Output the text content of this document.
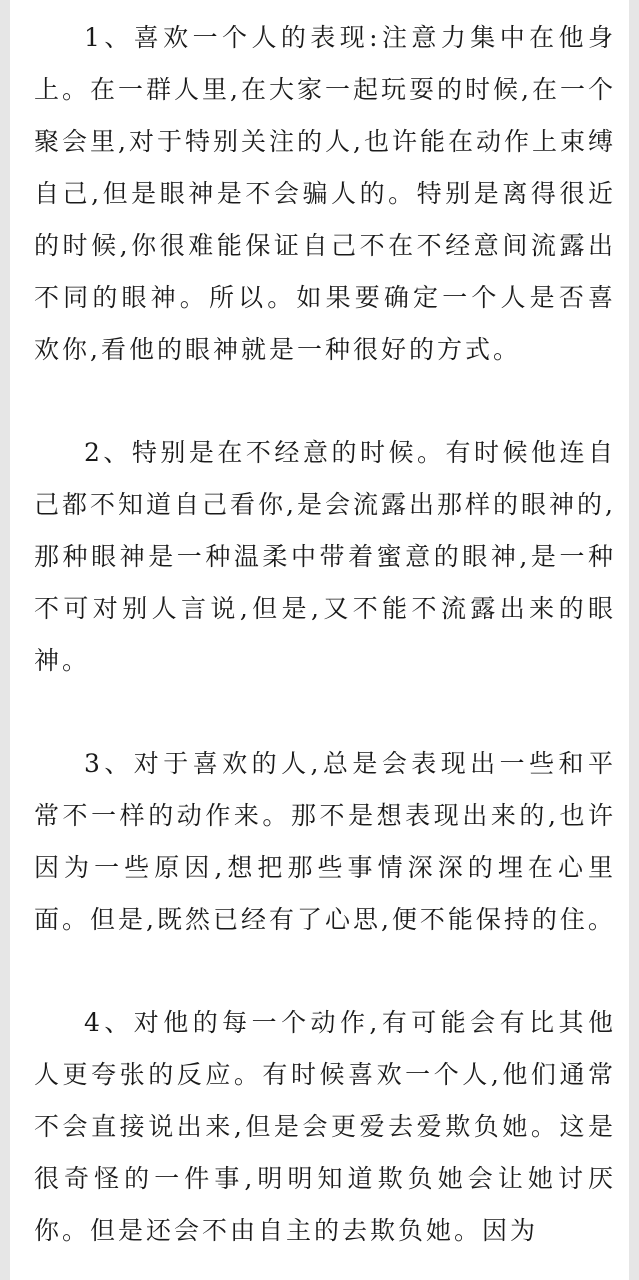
1、喜欢一个人的表现:注意力集中在他身上。在一群人里,在大家一起玩耍的时候,在一个聚会里,对于特别关注的人,也许能在动作上束缚自己,但是眼神是不会骗人的。特别是离得很近的时候,你很难能保证自己不在不经意间流露出不同的眼神。所以。如果要确定一个人是否喜欢你,看他的眼神就是一种很好的方式。

2、特别是在不经意的时候。有时候他连自己都不知道自己看你,是会流露出那样的眼神的,那种眼神是一种温柔中带着蜜意的眼神,是一种不可对别人言说,但是,又不能不流露出来的眼神。

3、对于喜欢的人,总是会表现出一些和平常不一样的动作来。那不是想表现出来的,也许因为一些原因,想把那些事情深深的埋在心里面。但是,既然已经有了心思,便不能保持的住。

4、对他的每一个动作,有可能会有比其他人更夸张的反应。有时候喜欢一个人,他们通常不会直接说出来,但是会更爱去爱欺负她。这是很奇怪的一件事,明明知道欺负她会让她讨厌你。但是还会不由自主的去欺负她。因为
